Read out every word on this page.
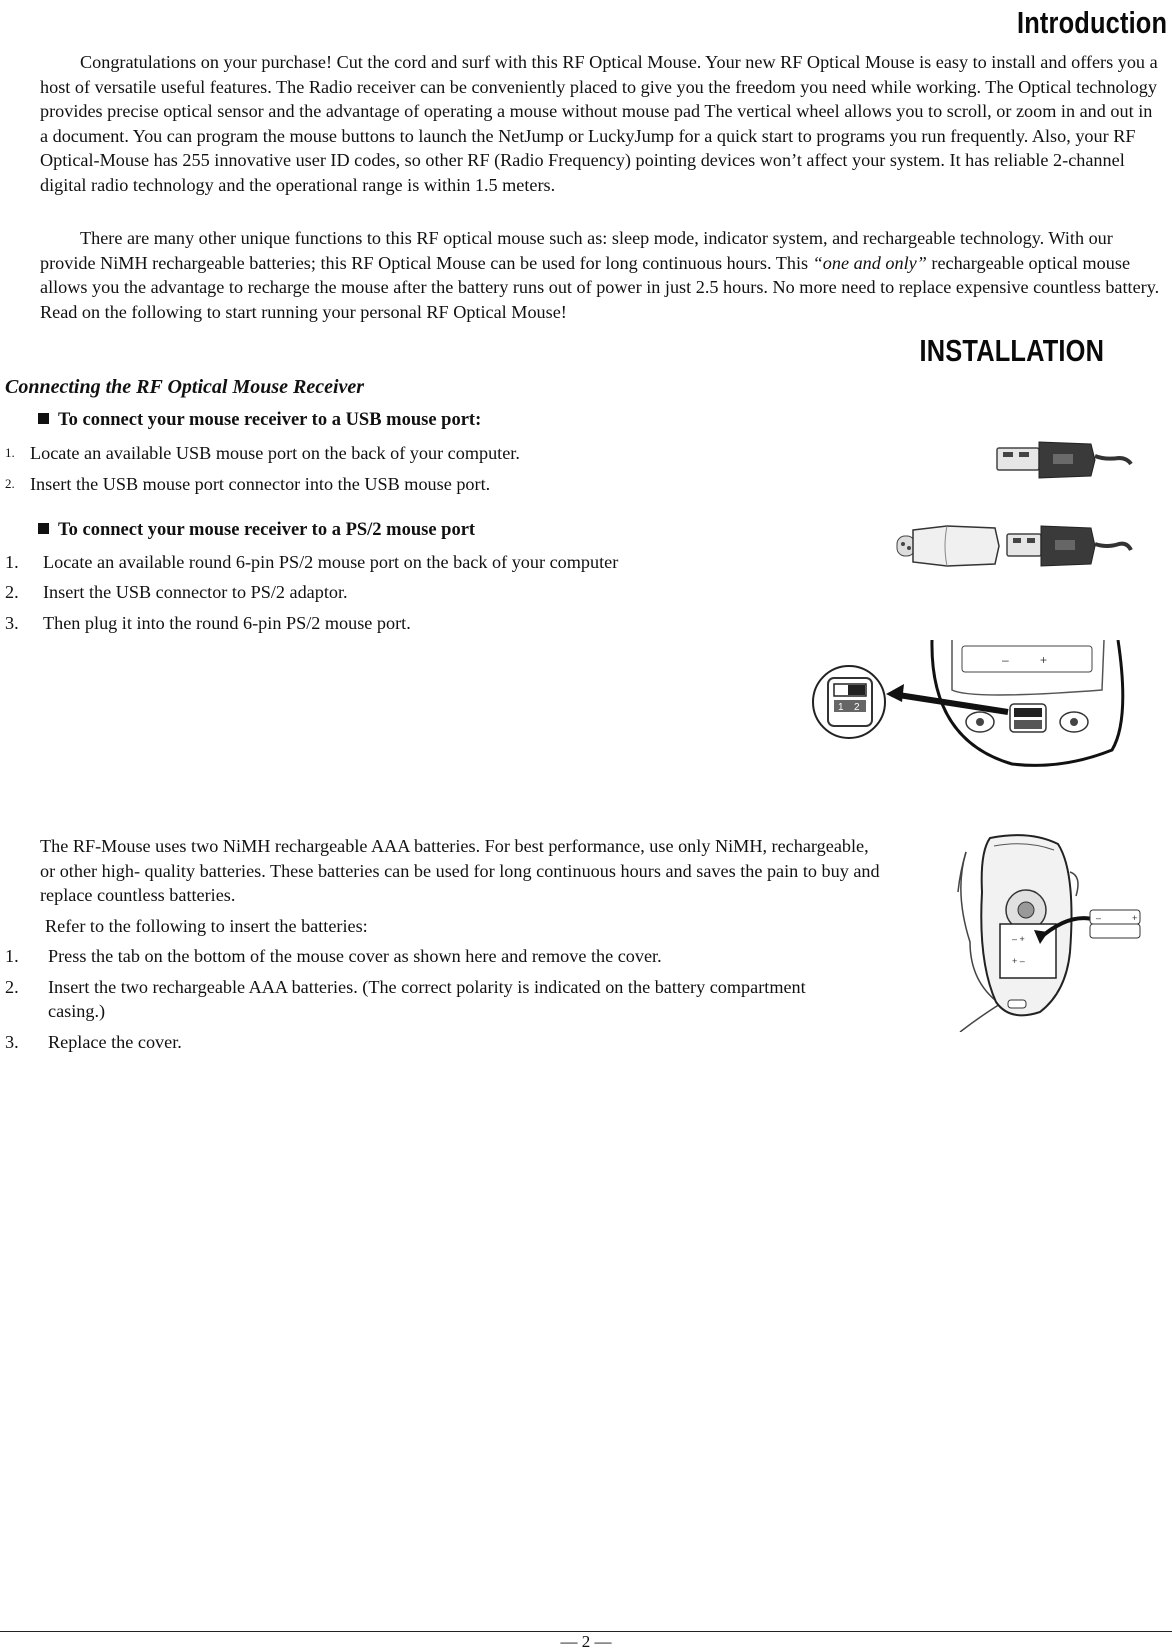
Introduction

Congratulations on your purchase! Cut the cord and surf with this RF Optical Mouse. Your new RF Optical Mouse is easy to install and offers you a host of versatile useful features. The Radio receiver can be conveniently placed to give you the freedom you need while working. The Optical technology provides precise optical sensor and the advantage of operating a mouse without mouse pad The vertical wheel allows you to scroll, or zoom in and out in a document. You can program the mouse buttons to launch the NetJump or LuckyJump for a quick start to programs you run frequently. Also, your RF Optical-Mouse has 255 innovative user ID codes, so other RF (Radio Frequency) pointing devices won’t affect your system. It has reliable 2-channel digital radio technology and the operational range is within 1.5 meters.

There are many other unique functions to this RF optical mouse such as: sleep mode, indicator system, and rechargeable technology. With our provide NiMH rechargeable batteries; this RF Optical Mouse can be used for long continuous hours. This “one and only” rechargeable optical mouse allows you the advantage to recharge the mouse after the battery runs out of power in just 2.5 hours. No more need to replace expensive countless battery. Read on the following to start running your personal RF Optical Mouse!

INSTALLATION
Connecting the RF Optical Mouse Receiver
To connect your mouse receiver to a USB mouse port:
1. Locate an available USB mouse port on the back of your computer.
2. Insert the USB mouse port connector into the USB mouse port.
To connect your mouse receiver to a PS/2 mouse port
1. Locate an available round 6-pin PS/2 mouse port on the back of your computer
2. Insert the USB connector to PS/2 adaptor.
3. Then plug it into the round 6-pin PS/2 mouse port.
1 2
–	+

The RF-Mouse uses two NiMH rechargeable AAA batteries. For best performance, use only NiMH, rechargeable, or other high- quality batteries. These batteries can be used for long continuous hours and saves the pain to buy and replace countless batteries.

Refer to the following to insert the batteries:
1. Press the tab on the bottom of the mouse cover as shown here and remove the cover.
2. Insert the two rechargeable AAA batteries. (The correct polarity is indicated on the battery compartment casing.)
3. Replace the cover.
– +
+ –
–	+
— 2 —
